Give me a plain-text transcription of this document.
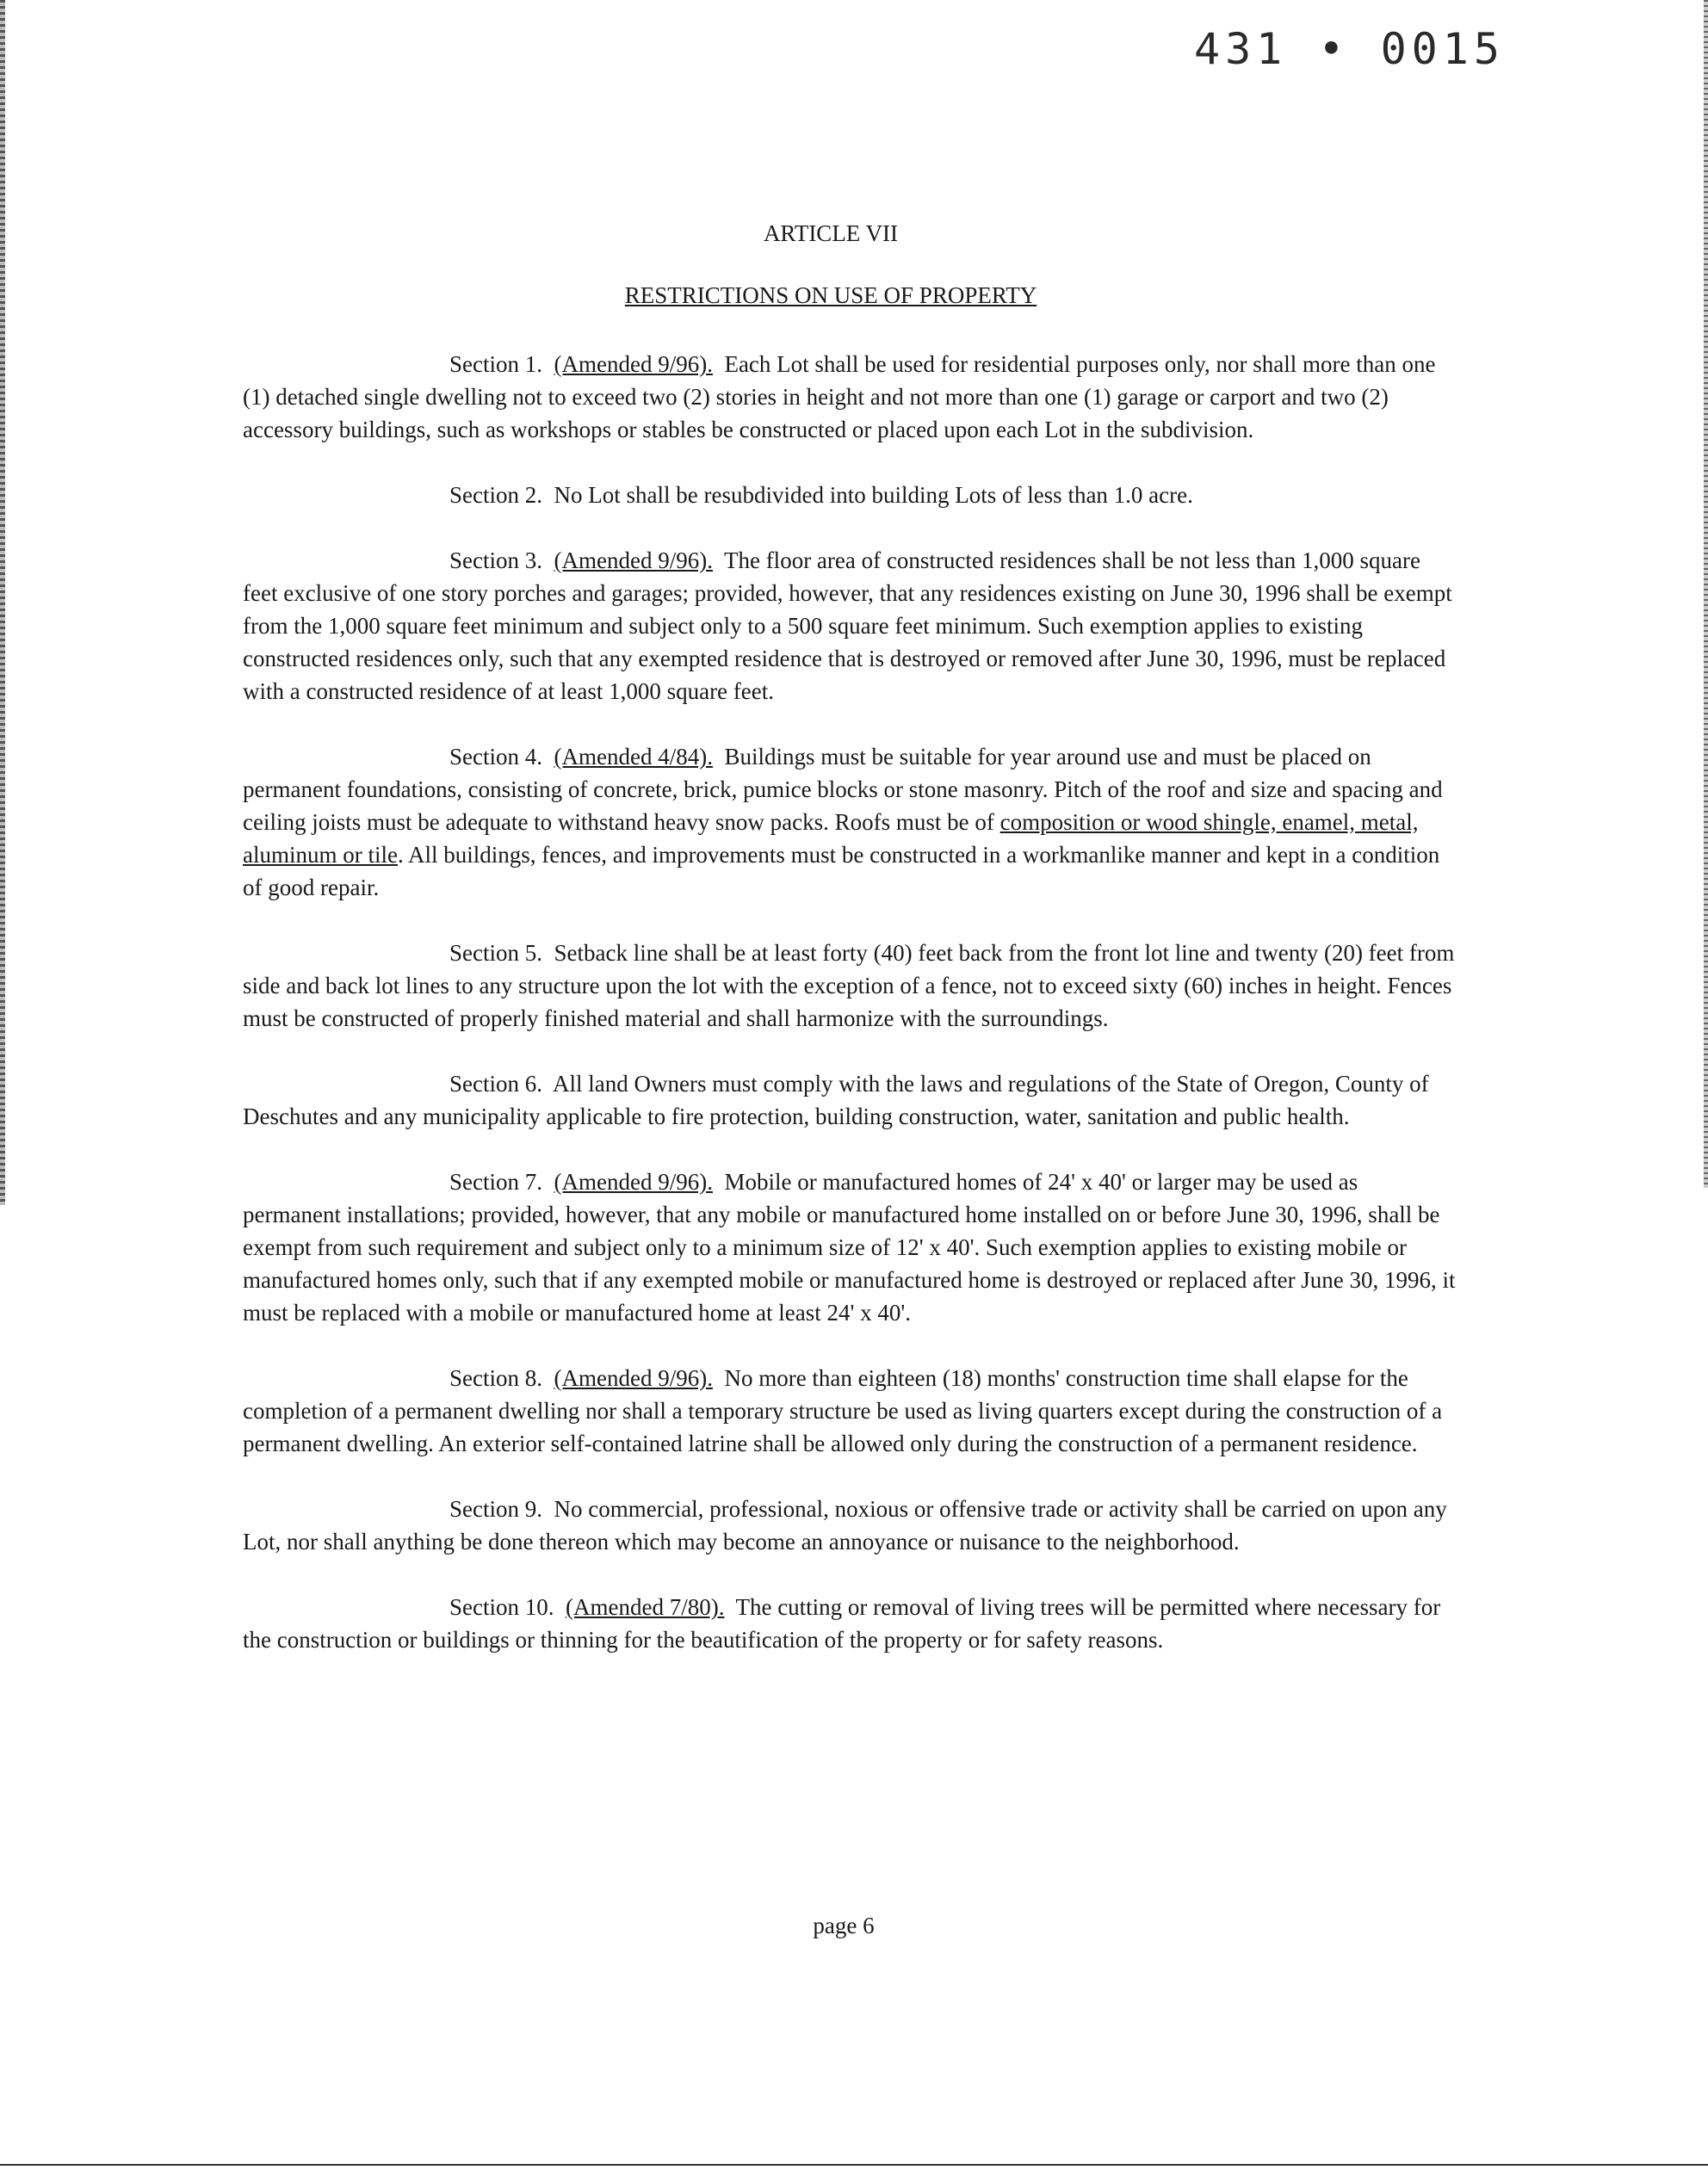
431 • 0015

ARTICLE VII
RESTRICTIONS ON USE OF PROPERTY

Section 1. (Amended 9/96). Each Lot shall be used for residential purposes only, nor shall more than one (1) detached single dwelling not to exceed two (2) stories in height and not more than one (1) garage or carport and two (2) accessory buildings, such as workshops or stables be constructed or placed upon each Lot in the subdivision.

Section 2. No Lot shall be resubdivided into building Lots of less than 1.0 acre.

Section 3. (Amended 9/96). The floor area of constructed residences shall be not less than 1,000 square feet exclusive of one story porches and garages; provided, however, that any residences existing on June 30, 1996 shall be exempt from the 1,000 square feet minimum and subject only to a 500 square feet minimum. Such exemption applies to existing constructed residences only, such that any exempted residence that is destroyed or removed after June 30, 1996, must be replaced with a constructed residence of at least 1,000 square feet.

Section 4. (Amended 4/84). Buildings must be suitable for year around use and must be placed on permanent foundations, consisting of concrete, brick, pumice blocks or stone masonry. Pitch of the roof and size and spacing and ceiling joists must be adequate to withstand heavy snow packs. Roofs must be of composition or wood shingle, enamel, metal, aluminum or tile. All buildings, fences, and improvements must be constructed in a workmanlike manner and kept in a condition of good repair.

Section 5. Setback line shall be at least forty (40) feet back from the front lot line and twenty (20) feet from side and back lot lines to any structure upon the lot with the exception of a fence, not to exceed sixty (60) inches in height. Fences must be constructed of properly finished material and shall harmonize with the surroundings.

Section 6. All land Owners must comply with the laws and regulations of the State of Oregon, County of Deschutes and any municipality applicable to fire protection, building construction, water, sanitation and public health.

Section 7. (Amended 9/96). Mobile or manufactured homes of 24' x 40' or larger may be used as permanent installations; provided, however, that any mobile or manufactured home installed on or before June 30, 1996, shall be exempt from such requirement and subject only to a minimum size of 12' x 40'. Such exemption applies to existing mobile or manufactured homes only, such that if any exempted mobile or manufactured home is destroyed or replaced after June 30, 1996, it must be replaced with a mobile or manufactured home at least 24' x 40'.

Section 8. (Amended 9/96). No more than eighteen (18) months' construction time shall elapse for the completion of a permanent dwelling nor shall a temporary structure be used as living quarters except during the construction of a permanent dwelling. An exterior self-contained latrine shall be allowed only during the construction of a permanent residence.

Section 9. No commercial, professional, noxious or offensive trade or activity shall be carried on upon any Lot, nor shall anything be done thereon which may become an annoyance or nuisance to the neighborhood.

Section 10. (Amended 7/80). The cutting or removal of living trees will be permitted where necessary for the construction or buildings or thinning for the beautification of the property or for safety reasons.

page 6
